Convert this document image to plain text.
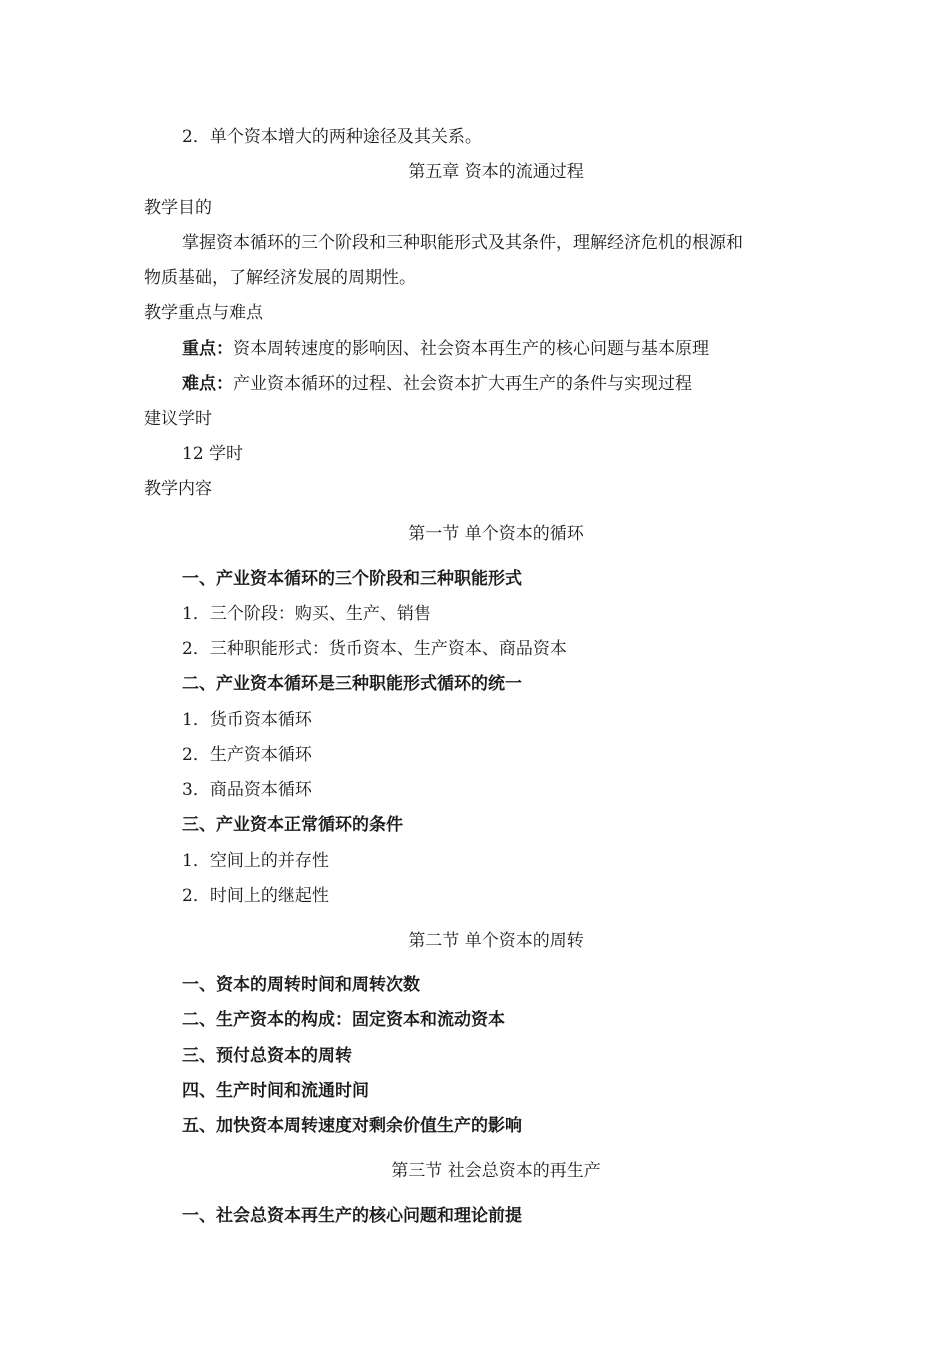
2．单个资本增大的两种途径及其关系。
第五章 资本的流通过程
教学目的
掌握资本循环的三个阶段和三种职能形式及其条件，理解经济危机的根源和
物质基础，了解经济发展的周期性。
教学重点与难点
重点：资本周转速度的影响因、社会资本再生产的核心问题与基本原理
难点：产业资本循环的过程、社会资本扩大再生产的条件与实现过程
建议学时
12 学时
教学内容
第一节 单个资本的循环
一、产业资本循环的三个阶段和三种职能形式
1．三个阶段：购买、生产、销售
2．三种职能形式：货币资本、生产资本、商品资本
二、产业资本循环是三种职能形式循环的统一
1．货币资本循环
2．生产资本循环
3．商品资本循环
三、产业资本正常循环的条件
1．空间上的并存性
2．时间上的继起性
第二节 单个资本的周转
一、资本的周转时间和周转次数
二、生产资本的构成：固定资本和流动资本
三、预付总资本的周转
四、生产时间和流通时间
五、加快资本周转速度对剩余价值生产的影响
第三节 社会总资本的再生产
一、社会总资本再生产的核心问题和理论前提
